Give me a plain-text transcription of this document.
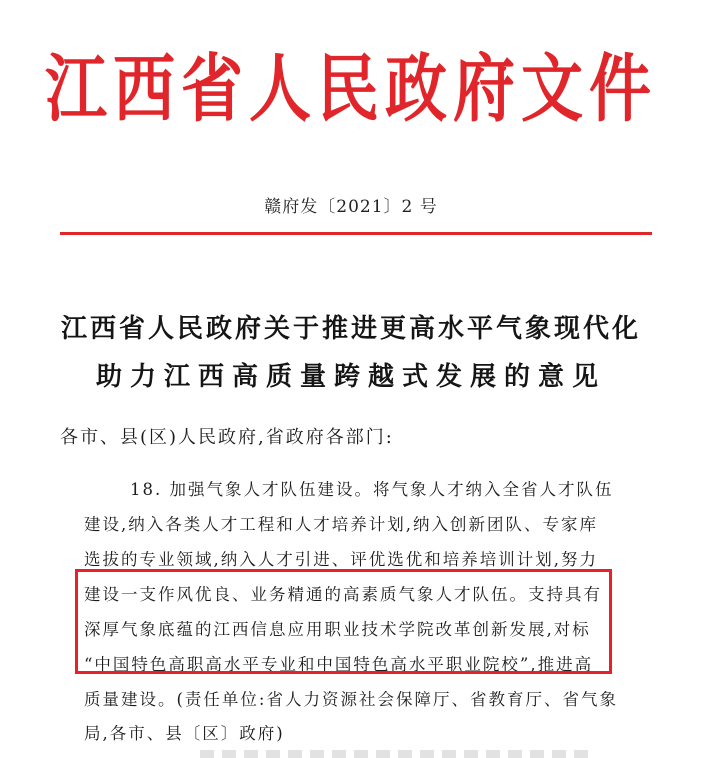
江西省人民政府文件
赣府发〔2021〕2 号
江西省人民政府关于推进更高水平气象现代化
助力江西高质量跨越式发展的意见
各市、县(区)人民政府,省政府各部门:
18. 加强气象人才队伍建设。将气象人才纳入全省人才队伍
建设,纳入各类人才工程和人才培养计划,纳入创新团队、专家库
选拔的专业领域,纳入人才引进、评优选优和培养培训计划,努力
建设一支作风优良、业务精通的高素质气象人才队伍。支持具有
深厚气象底蕴的江西信息应用职业技术学院改革创新发展,对标
“中国特色高职高水平专业和中国特色高水平职业院校”,推进高
质量建设。(责任单位:省人力资源社会保障厅、省教育厅、省气象
局,各市、县〔区〕政府)
